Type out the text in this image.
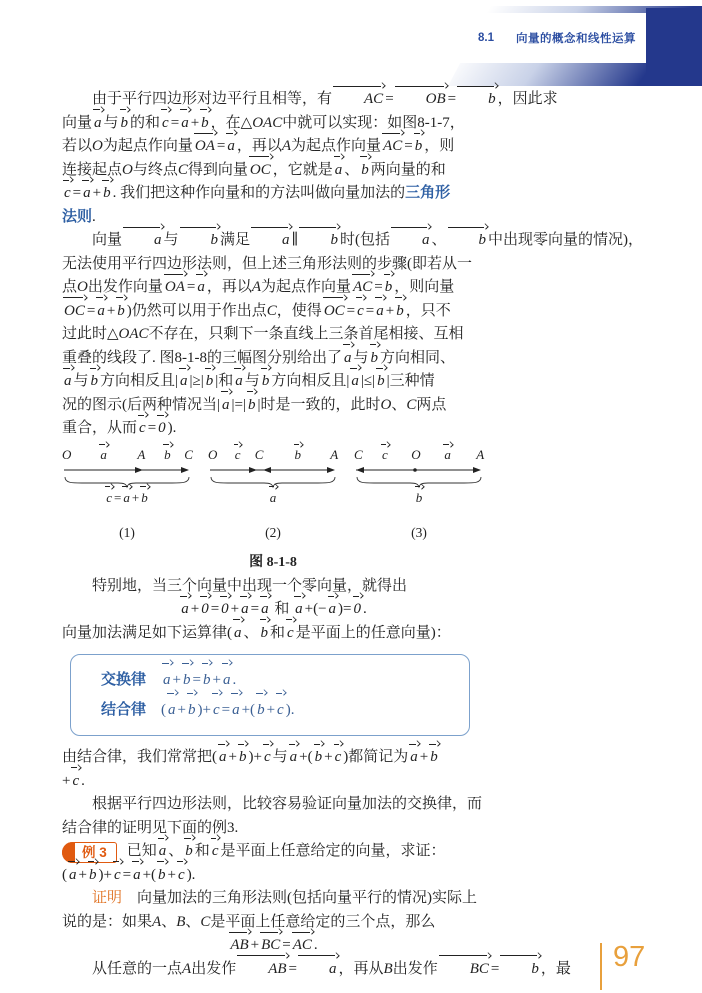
8.1 向量的概念和线性运算
由于平行四边形对边平行且相等，有 AC = OB = b ，因此求
向量 a 与 b 的和 c = a + b ，在△OAC中就可以实现：如图8-1-7，
若以O为起点作向量 OA = a ，再以A为起点作向量 AC = b ，则
连接起点O与终点C得到向量 OC ，它就是 a 、 b 两向量的和
c = a + b . 我们把这种作向量和的方法叫做向量加法的三角形
法则.
向量 a 与 b 满足 a ∥ b 时(包括 a 、 b 中出现零向量的情况)，
无法使用平行四边形法则，但上述三角形法则的步骤(即若从一
点O出发作向量 OA = a ，再以A为起点作向量 AC = b ，则向量
OC = a + b )仍然可以用于作出点C，使得 OC = c = a + b ，只不
过此时△OAC不存在，只剩下一条直线上三条首尾相接、互相
重叠的线段了. 图8-1-8的三幅图分别给出了 a 与 b 方向相同、
a 与 b 方向相反且| a |≥| b |和 a 与 b 方向相反且| a |≤| b |三种情
况的图示(后两种情况当| a |=| b |时是一致的，此时O、C两点
重合，从而 c = 0 ).
O a A b C
c = a + b
(1)
O c C b A
a
(2)
C c O a A
b
(3)
图 8-1-8
特别地，当三个向量中出现一个零向量，就得出
a + 0 = 0 + a = a 和 a +(− a )= 0 .
向量加法满足如下运算律( a 、 b 和 c 是平面上的任意向量)：
交换律　 a + b = b + a .
结合律　( a + b )+ c = a +( b + c ).
由结合律，我们常常把( a + b )+ c 与 a +( b + c )都简记为 a + b
+ c .
根据平行四边形法则，比较容易验证向量加法的交换律，而
结合律的证明见下面的例3.
例 3 已知 a 、 b 和 c 是平面上任意给定的向量，求证：
( a + b )+ c = a +( b + c ).
证明　向量加法的三角形法则(包括向量平行的情况)实际上
说的是：如果A、B、C是平面上任意给定的三个点，那么
AB + BC = AC .
从任意的一点A出发作 AB = a ，再从B出发作 BC = b ，最 97
